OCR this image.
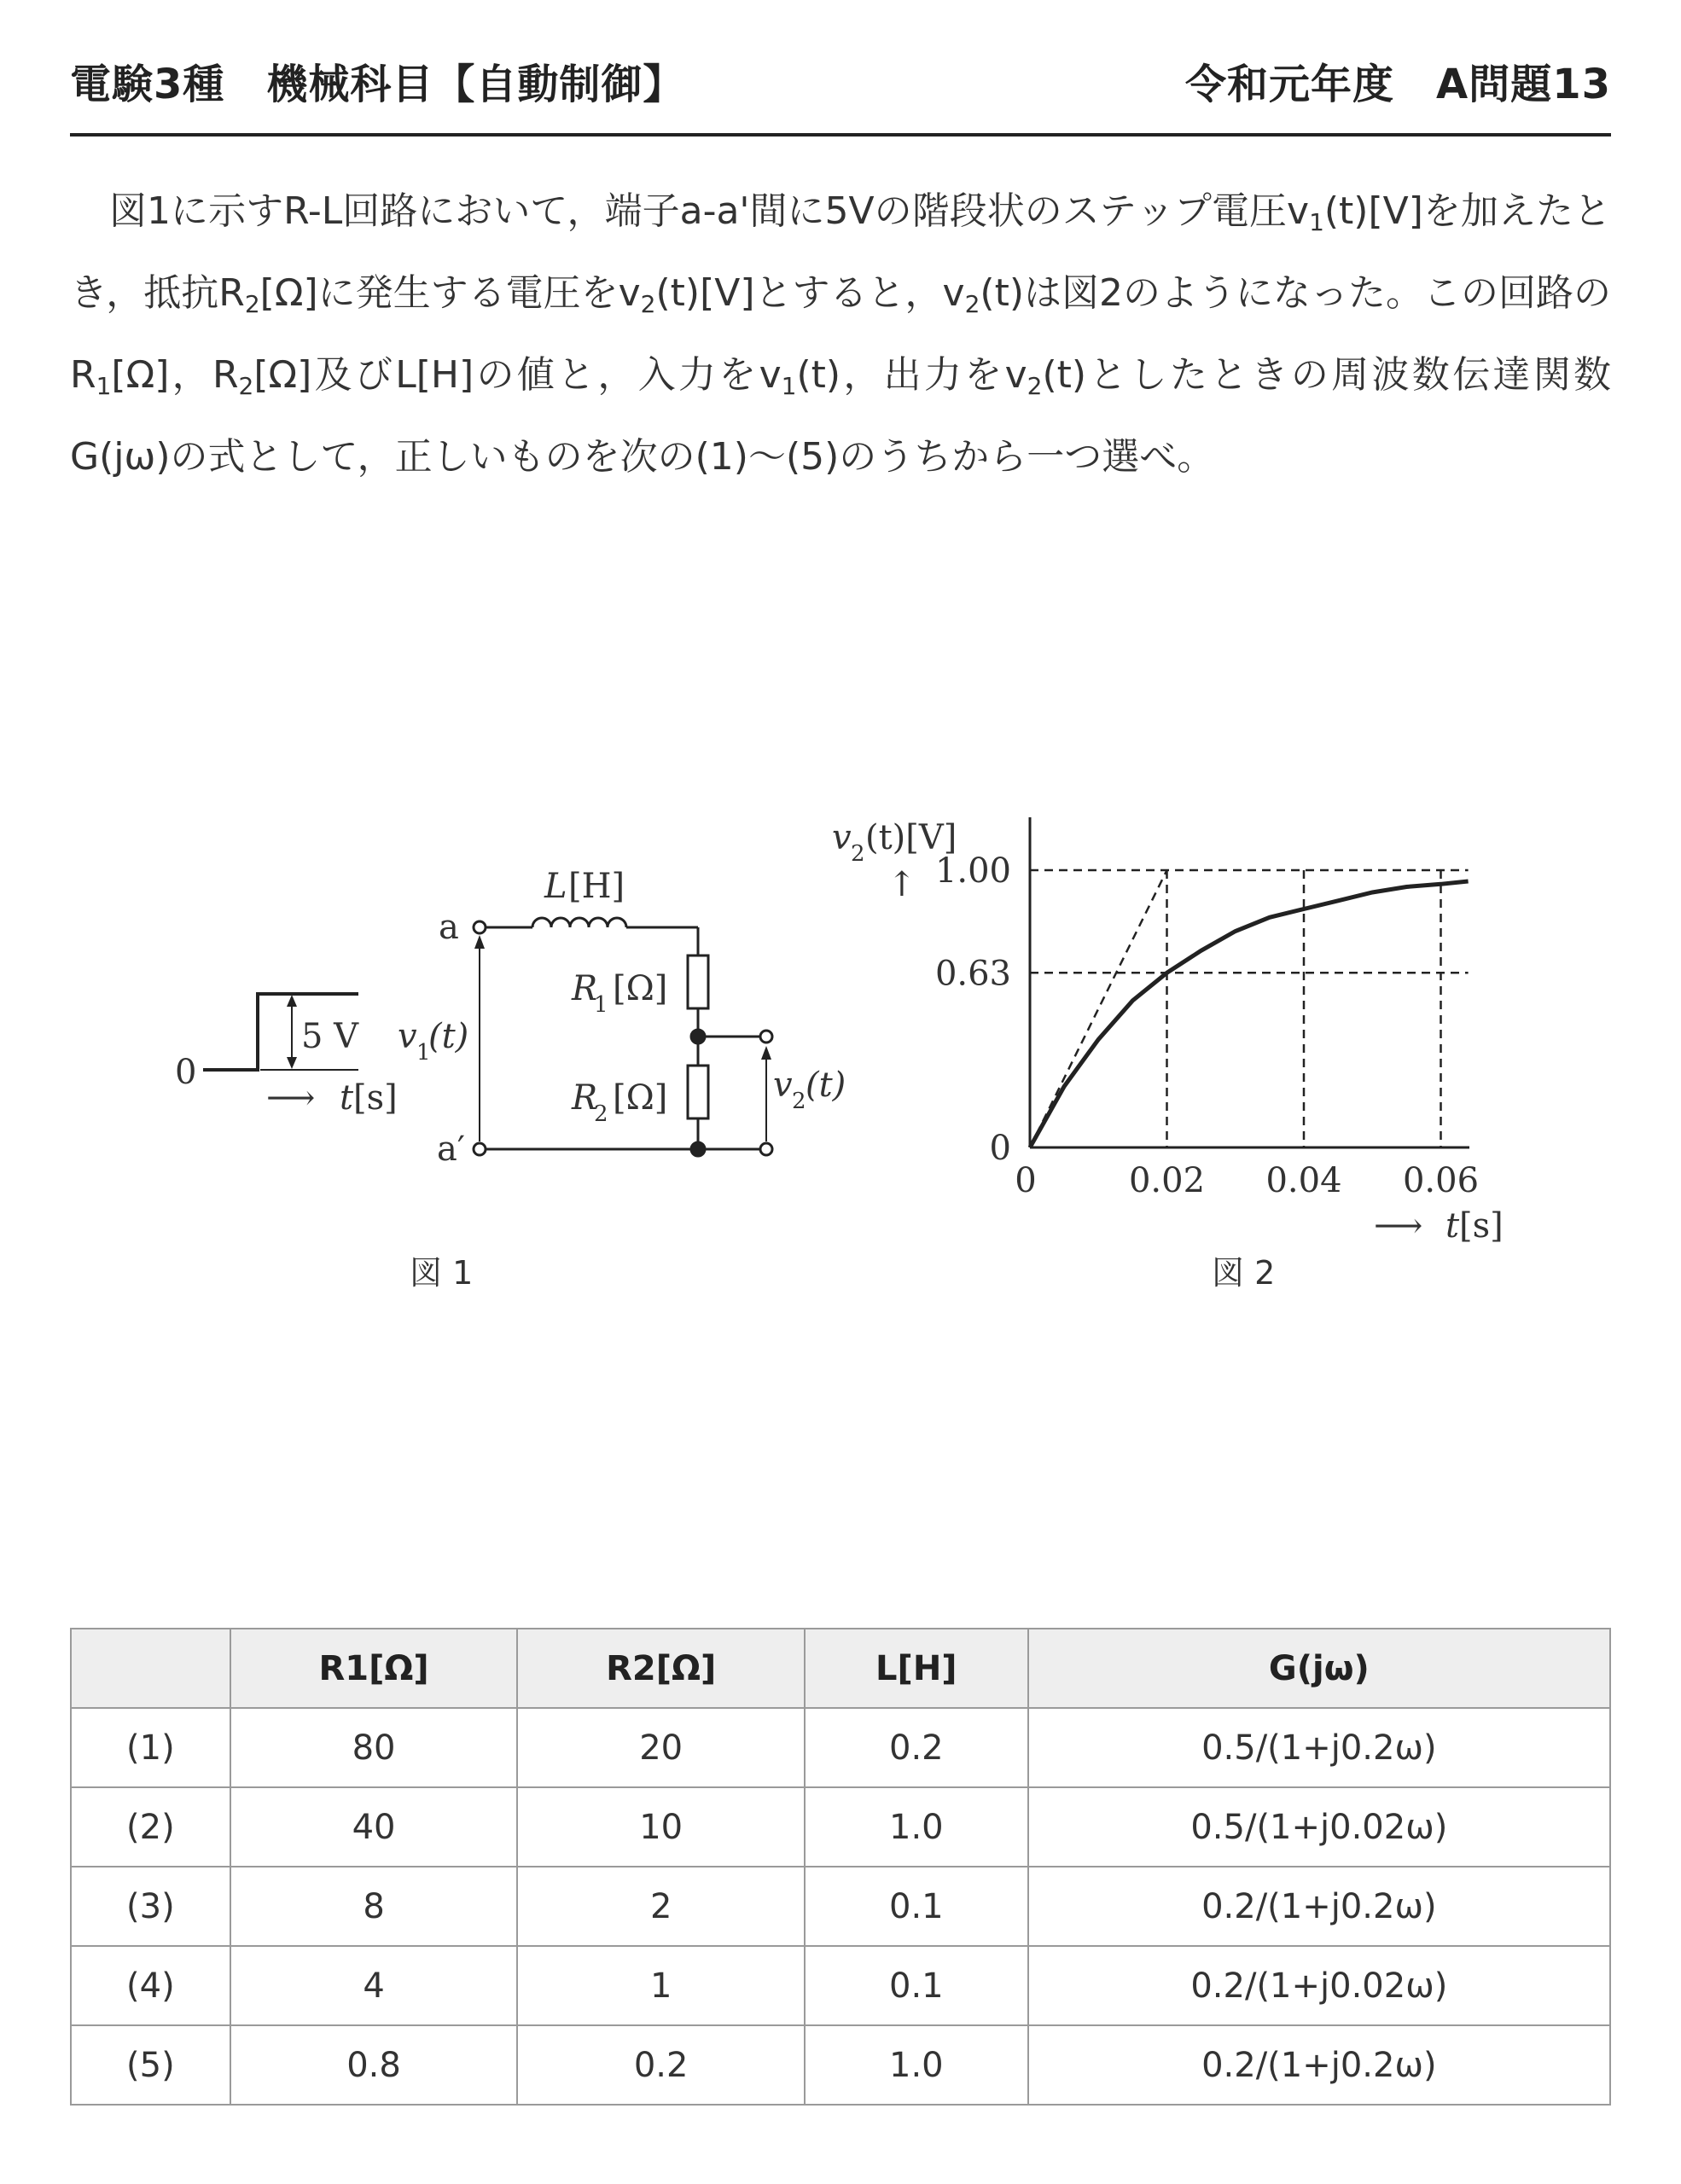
電験3種　機械科目【自動制御】	令和元年度　A問題13
図1に示すR-L回路において，端子a-a'間に5Vの階段状のステップ電圧$v_1(t)[V]$を加えたとき，抵抗$R_2[\Omega]$に発生する電圧を$v_2(t)[V]$とすると，$v_2(t)$は図2のようになった。この回路の$R_1[\Omega]$，$R_2[\Omega]$及びL[H]の値と，入力を$v_1(t)$，出力を$v_2(t)$としたときの周波数伝達関数G(jω)の式として，正しいものを次の(1)～(5)のうちから一つ選べ。
0
5 V
⟶ t [s]
L [H]
R
1 [Ω]
R
2 [Ω]
a
a′
v 1
(t)
v 2 (t)
図 1
0
0.63
1.00
0	0.02 0.04 0.06
v 2 (t)[V]
↑
⟶ t [s]
図 2
	R1[Ω]	R2[Ω]	L[H]	G(jω)
(1)	80	20	0.2	0.5/(1+j0.2ω)
(2)	40	10	1.0	0.5/(1+j0.02ω)
(3)	8	2	0.1	0.2/(1+j0.2ω)
(4)	4	1	0.1	0.2/(1+j0.02ω)
(5)	0.8	0.2	1.0	0.2/(1+j0.2ω)
